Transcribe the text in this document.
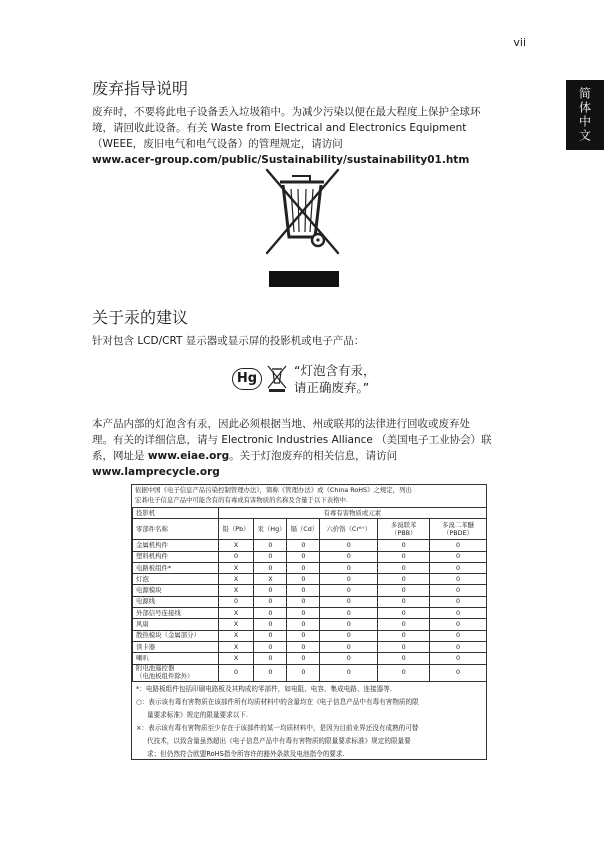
vii
简体中文
废弃指导说明
废弃时，不要将此电子设备丢入垃圾箱中。为减少污染以便在最大程度上保护全球环
境，请回收此设备。有关 Waste from Electrical and Electronics Equipment
（WEEE，废旧电气和电气设备）的管理规定，请访问
www.acer-group.com/public/Sustainability/sustainability01.htm
关于汞的建议
针对包含 LCD/CRT 显示器或显示屏的投影机或电子产品：
Hg
“灯泡含有汞，
请正确废弃。”
本产品内部的灯泡含有汞，因此必须根据当地、州或联邦的法律进行回收或废弃处
理。有关的详细信息，请与 Electronic Industries Alliance （美国电子工业协会）联
系，网址是 www.eiae.org。关于灯泡废弃的相关信息，请访问
www.lamprecycle.org
依据中国《电子信息产品污染控制管理办法》，简称《管理办法》或《China RoHS》之规定，列出
宏碁电子信息产品中可能含有的有毒或有害物质的名称及含量于以下表格中.
投影机	有毒有害物质或元素					
零部件名称	铅（Pb）	汞（Hg）	镉（Cd）	六价铬（Cr⁶⁺）	多溴联苯
（PBB）	多溴二苯醚
（PBDE）
金属机构件	X	0	0	0	0	0
塑料机构件	0	0	0	0	0	0
电路板组件*	X	0	0	0	0	0
灯泡	X	X	0	0	0	0
电源模块	X	0	0	0	0	0
电源线	0	0	0	0	0	0
外部信号连接线	X	0	0	0	0	0
风扇	X	0	0	0	0	0
散热模块（金属部分）	X	0	0	0	0	0
读卡器	X	0	0	0	0	0
喇叭	X	0	0	0	0	0
附电池遥控器
（电池板组件除外）	0	0	0	0	0	0
*：电路板组件包括印刷电路板及其构成的零部件，如电阻、电容、集成电路、连接器等.
○：表示该有毒有害物质在该部件所有均质材料中的含量均在《电子信息产品中有毒有害物质的限
量要求标准》规定的限量要求以下.
×：表示该有毒有害物质至少存在于该部件的某一均质材料中，是因为目前业界还没有成熟的可替
代技术，以致含量虽然超出《电子信息产品中有毒有害物质的限量要求标准》规定的限量要
求；但仍然符合欧盟RoHS指令所容许的豁外条款及电池指令的要求.
